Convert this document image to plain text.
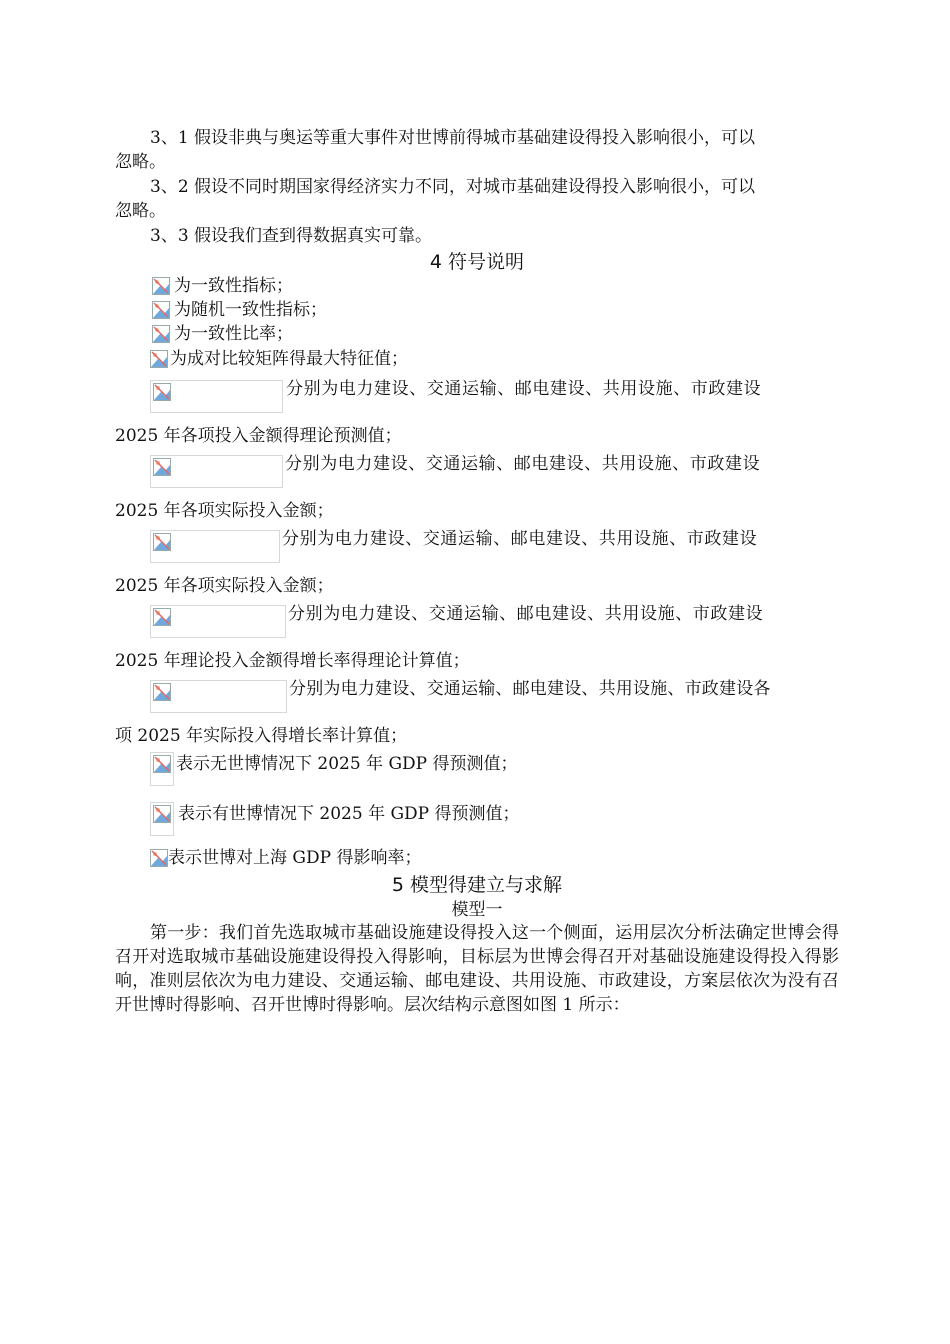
3、1 假设非典与奥运等重大事件对世博前得城市基础建设得投入影响很小，可以
忽略。
3、2 假设不同时期国家得经济实力不同，对城市基础建设得投入影响很小，可以
忽略。
3、3 假设我们查到得数据真实可靠。
4 符号说明
为一致性指标；
为随机一致性指标；
为一致性比率；
为成对比较矩阵得最大特征值；
分别为电力建设、交通运输、邮电建设、共用设施、市政建设
2025 年各项投入金额得理论预测值；
分别为电力建设、交通运输、邮电建设、共用设施、市政建设
2025 年各项实际投入金额；
分别为电力建设、交通运输、邮电建设、共用设施、市政建设
2025 年各项实际投入金额；
分别为电力建设、交通运输、邮电建设、共用设施、市政建设
2025 年理论投入金额得增长率得理论计算值；
分别为电力建设、交通运输、邮电建设、共用设施、市政建设各
项 2025 年实际投入得增长率计算值；
表示无世博情况下 2025 年 GDP 得预测值；
表示有世博情况下 2025 年 GDP 得预测值；
表示世博对上海 GDP 得影响率；
5 模型得建立与求解
模型一
第一步：我们首先选取城市基础设施建设得投入这一个侧面，运用层次分析法确定世博会得召开对选取城市基础设施建设得投入得影响，目标层为世博会得召开对基础设施建设得投入得影响，准则层依次为电力建设、交通运输、邮电建设、共用设施、市政建设，方案层依次为没有召开世博时得影响、召开世博时得影响。层次结构示意图如图 1 所示：
